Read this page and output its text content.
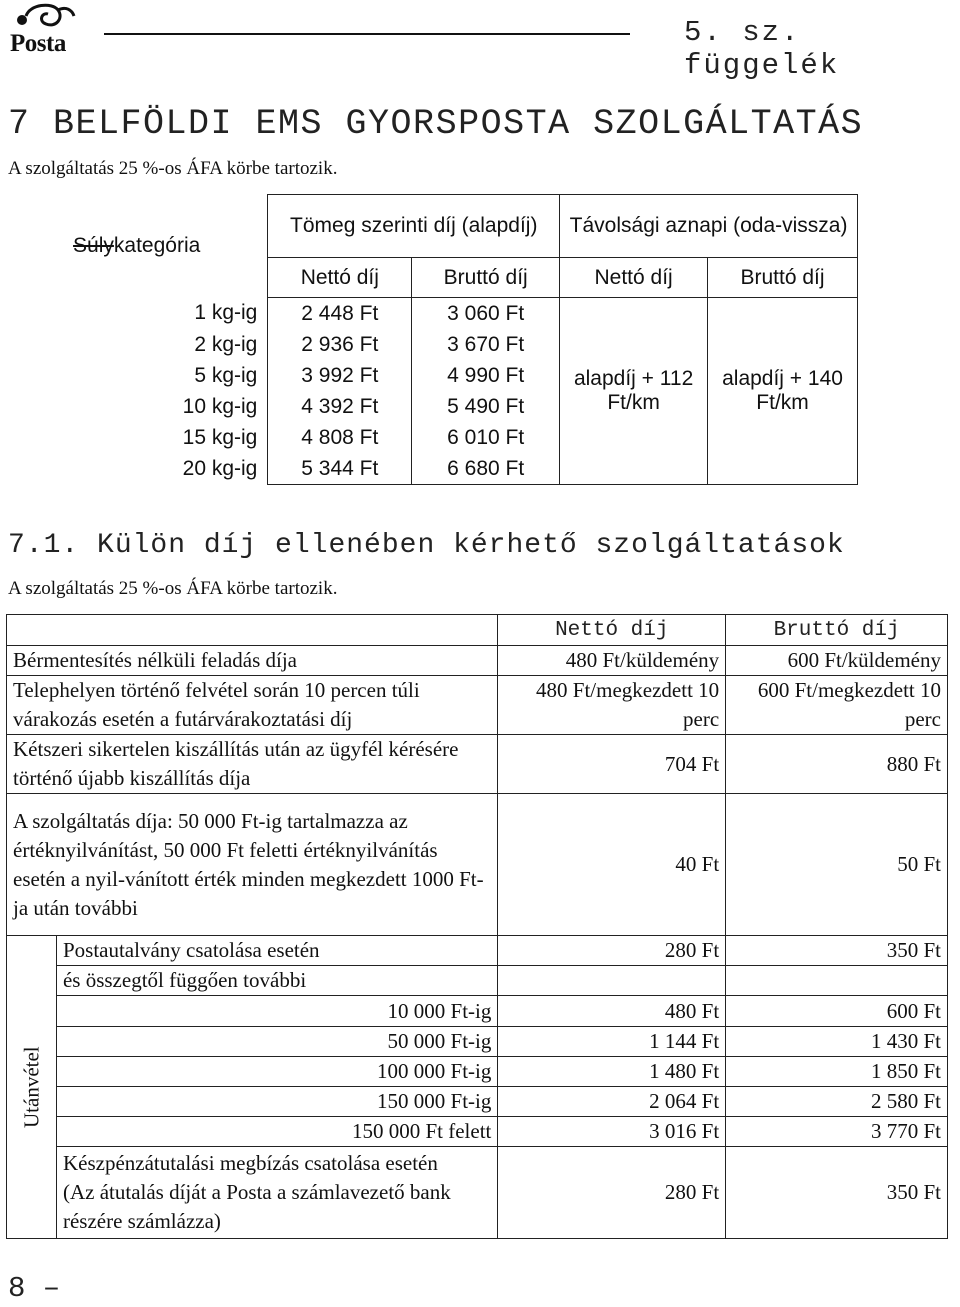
Posta	5. sz. függelék
7 BELFÖLDI EMS GYORSPOSTA SZOLGÁLTATÁS
A szolgáltatás 25 %-os ÁFA körbe tartozik.
Súlykategória	Tömeg szerinti díj (alapdíj)		Távolsági aznapi (oda-vissza)	
	Nettó díj	Bruttó díj	Nettó díj	Bruttó díj
1 kg-ig	2 448 Ft	3 060 Ft	alapdíj + 112 Ft/km	alapdíj + 140 Ft/km
2 kg-ig	2 936 Ft	3 670 Ft		
5 kg-ig	3 992 Ft	4 990 Ft		
10 kg-ig	4 392 Ft	5 490 Ft		
15 kg-ig	4 808 Ft	6 010 Ft		
20 kg-ig	5 344 Ft	6 680 Ft		
7.1. Külön díj ellenében kérhető szolgáltatások
A szolgáltatás 25 %-os ÁFA körbe tartozik.
		Nettó díj	Bruttó díj
Bérmentesítés nélküli feladás díja		480 Ft/küldemény	600 Ft/küldemény
Telephelyen történő felvétel során 10 percen túli várakozás esetén a futárvárakoztatási díj		480 Ft/megkezdett 10 perc	600 Ft/megkezdett 10 perc
Kétszeri sikertelen kiszállítás után az ügyfél kérésére történő újabb kiszállítás díja		704 Ft	880 Ft
A szolgáltatás díja: 50 000 Ft-ig tartalmazza az értéknyilvánítást, 50 000 Ft feletti értéknyilvánítás esetén a nyil-vánított érték minden megkezdett 1000 Ft-ja után további		40 Ft	50 Ft
Utánvétel	Postautalvány csatolása esetén	280 Ft	350 Ft
	és összegtől függően további		
	10 000 Ft-ig	480 Ft	600 Ft
	50 000 Ft-ig	1 144 Ft	1 430 Ft
	100 000 Ft-ig	1 480 Ft	1 850 Ft
	150 000 Ft-ig	2 064 Ft	2 580 Ft
	150 000 Ft felett	3 016 Ft	3 770 Ft
	Készpénzátutalási megbízás csatolása esetén (Az átutalás díját a Posta a számlavezető bank részére számlázza)	280 Ft	350 Ft
8 –
